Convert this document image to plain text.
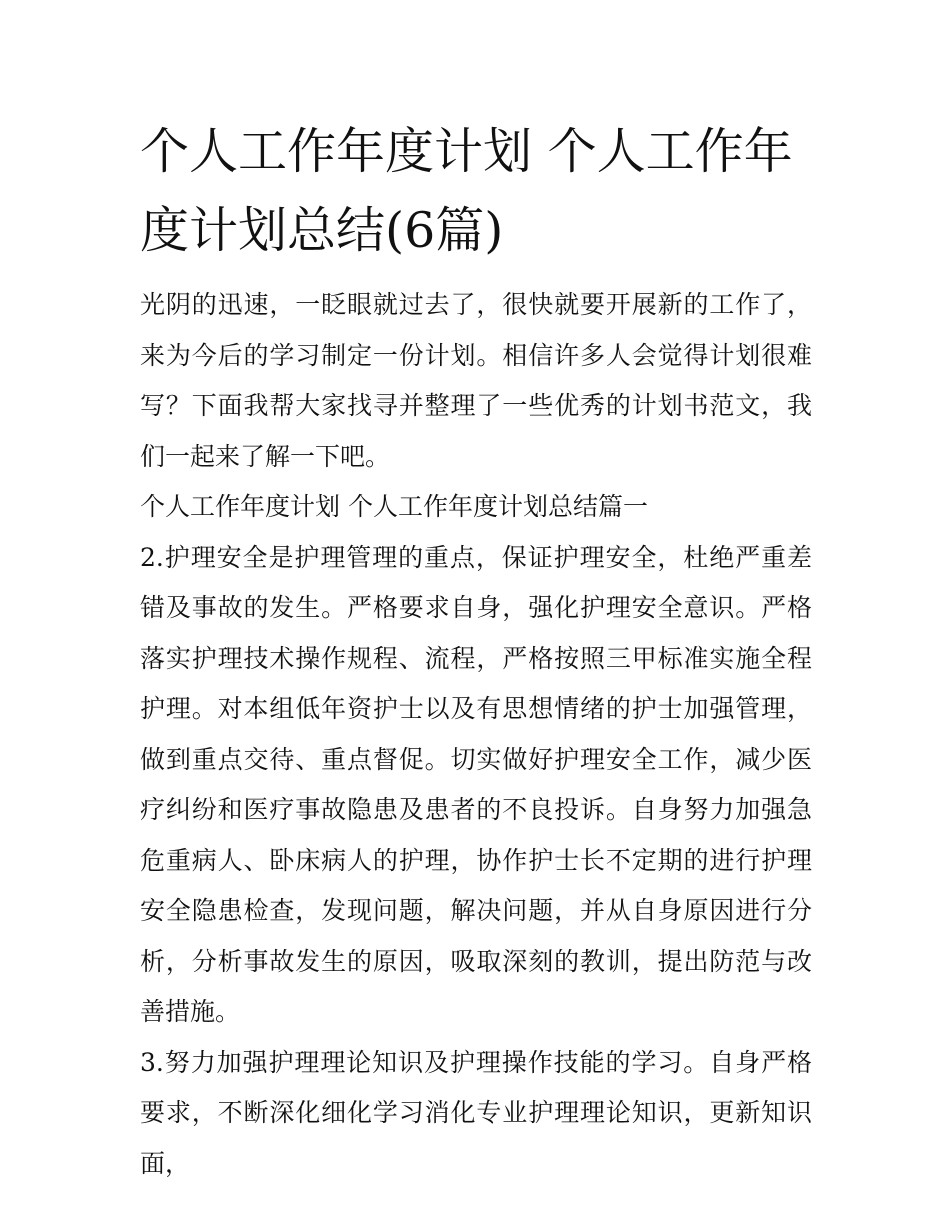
个人工作年度计划 个人工作年度计划总结(6篇)

光阴的迅速，一眨眼就过去了，很快就要开展新的工作了，来为今后的学习制定一份计划。相信许多人会觉得计划很难写？下面我帮大家找寻并整理了一些优秀的计划书范文，我们一起来了解一下吧。

个人工作年度计划 个人工作年度计划总结篇一

2.护理安全是护理管理的重点，保证护理安全，杜绝严重差错及事故的发生。严格要求自身，强化护理安全意识。严格落实护理技术操作规程、流程，严格按照三甲标准实施全程护理。对本组低年资护士以及有思想情绪的护士加强管理，做到重点交待、重点督促。切实做好护理安全工作，减少医疗纠纷和医疗事故隐患及患者的不良投诉。自身努力加强急危重病人、卧床病人的护理，协作护士长不定期的进行护理安全隐患检查，发现问题，解决问题，并从自身原因进行分析，分析事故发生的原因，吸取深刻的教训，提出防范与改善措施。

3.努力加强护理理论知识及护理操作技能的学习。自身严格要求，不断深化细化学习消化专业护理理论知识，更新知识面，
